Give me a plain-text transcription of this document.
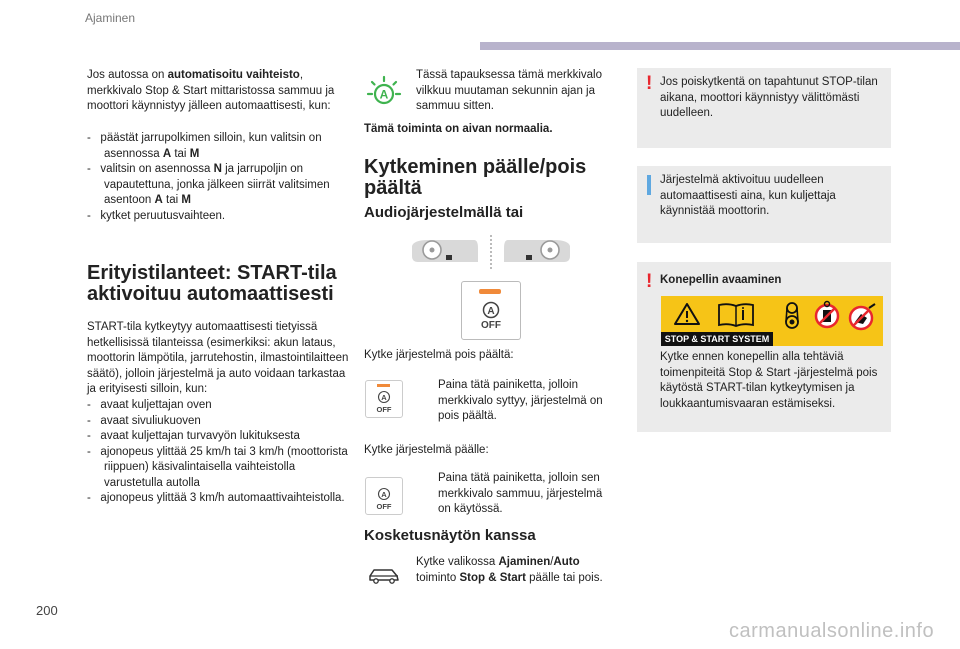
Ajaminen
Jos autossa on automatisoitu vaihteisto, merkkivalo Stop & Start mittaristossa sammuu ja moottori käynnistyy jälleen automaattisesti, kun:
-   päästät jarrupolkimen silloin, kun valitsin on asennossa A tai M
-   valitsin on asennossa N ja jarrupoljin on vapautettuna, jonka jälkeen siirrät valitsimen asentoon A tai M
-   kytket peruutusvaihteen.
Erityistilanteet: START-tila aktivoituu automaattisesti
START-tila kytkeytyy automaattisesti tietyissä hetkellisissä tilanteissa (esimerkiksi: akun lataus, moottorin lämpötila, jarrutehostin, ilmastointilaitteen säätö), jolloin järjestelmä ja auto voidaan tarkastaa ja erityisesti silloin, kun:
-   avaat kuljettajan oven
-   avaat sivuliukuoven
-   avaat kuljettajan turvavyön lukituksesta
-   ajonopeus ylittää 25 km/h tai 3 km/h (moottorista riippuen) käsivalintaisella vaihteistolla varustetulla autolla
-   ajonopeus ylittää 3 km/h automaattivaihteistolla.
A
Tässä tapauksessa tämä merkkivalo vilkkuu muutaman sekunnin ajan ja sammuu sitten.
Tämä toiminta on aivan normaalia.
Kytkeminen päälle/pois päältä
Audiojärjestelmällä tai
A
OFF
Kytke järjestelmä pois päältä:
A
OFF
Paina tätä painiketta, jolloin merkkivalo syttyy, järjestelmä on pois päältä.
Kytke järjestelmä päälle:
A
OFF
Paina tätä painiketta, jolloin sen merkkivalo sammuu, järjestelmä on käytössä.
Kosketusnäytön kanssa
Kytke valikossa Ajaminen/Auto toiminto Stop & Start päälle tai pois.
! Jos poiskytkentä on tapahtunut STOP-tilan aikana, moottori käynnistyy välittömästi uudelleen.
Järjestelmä aktivoituu uudelleen automaattisesti aina, kun kuljettaja käynnistää moottorin.
! Konepellin avaaminen
STOP & START SYSTEM
Kytke ennen konepellin alla tehtäviä toimenpiteitä Stop & Start -järjestelmä pois käytöstä START-tilan kytkeytymisen ja loukkaantumisvaaran estämiseksi.
200
carmanualsonline.info
